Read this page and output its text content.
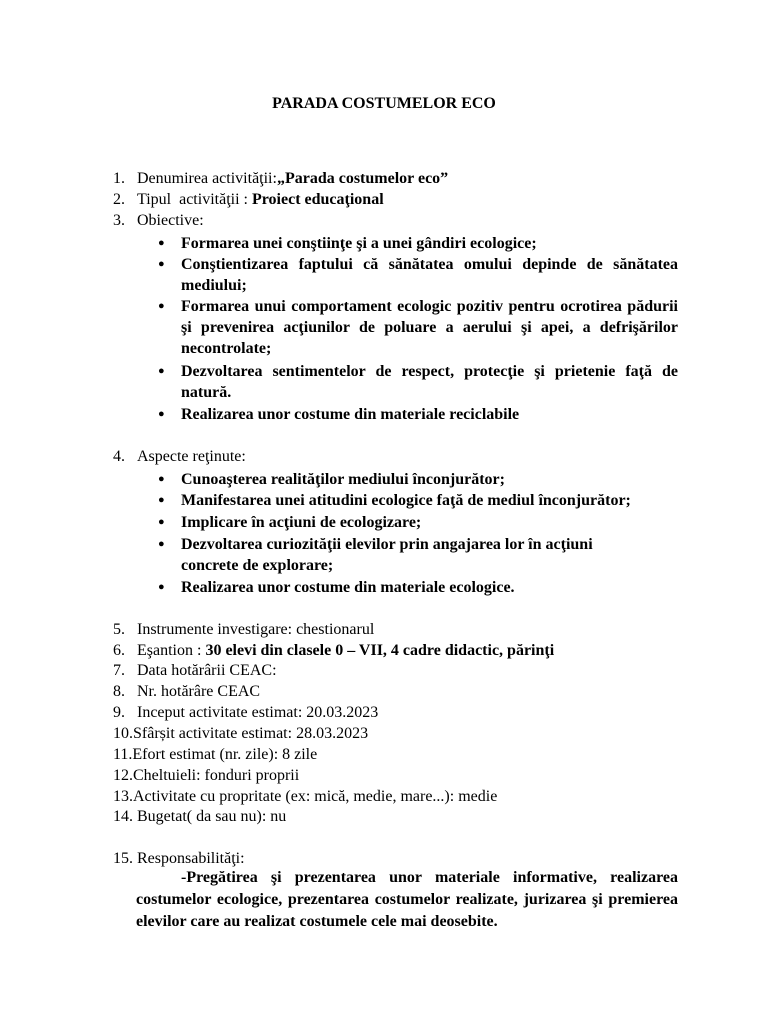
PARADA COSTUMELOR ECO
1. Denumirea activităţii:„Parada costumelor eco”
2. Tipul  activităţii : Proiect educaţional
3. Obiective:
● Formarea unei conştiinţe şi a unei gândiri ecologice;
● Conştientizarea faptului că sănătatea omului depinde de sănătatea mediului;
● Formarea unui comportament ecologic pozitiv pentru ocrotirea pădurii şi prevenirea acţiunilor de poluare a aerului şi apei, a defrişărilor necontrolate;
● Dezvoltarea sentimentelor de respect, protecţie şi prietenie faţă de natură.
● Realizarea unor costume din materiale reciclabile
4. Aspecte reţinute:
● Cunoaşterea realităţilor mediului înconjurător;
● Manifestarea unei atitudini ecologice faţă de mediul înconjurător;
● Implicare în acţiuni de ecologizare;
● Dezvoltarea curiozităţii elevilor prin angajarea lor în acţiuni concrete de explorare;
● Realizarea unor costume din materiale ecologice.
5. Instrumente investigare: chestionarul
6. Eşantion : 30 elevi din clasele 0 – VII, 4 cadre didactic, părinţi
7. Data hotărârii CEAC:
8. Nr. hotărâre CEAC
9. Inceput activitate estimat: 20.03.2023
10.Sfârșit activitate estimat: 28.03.2023
11.Efort estimat (nr. zile): 8 zile
12.Cheltuieli: fonduri proprii
13.Activitate cu propritate (ex: mică, medie, mare...): medie
14. Bugetat( da sau nu): nu
15. Responsabilităţi:
-Pregătirea şi prezentarea unor materiale informative, realizarea costumelor ecologice, prezentarea costumelor realizate, jurizarea şi premierea elevilor care au realizat costumele cele mai deosebite.
